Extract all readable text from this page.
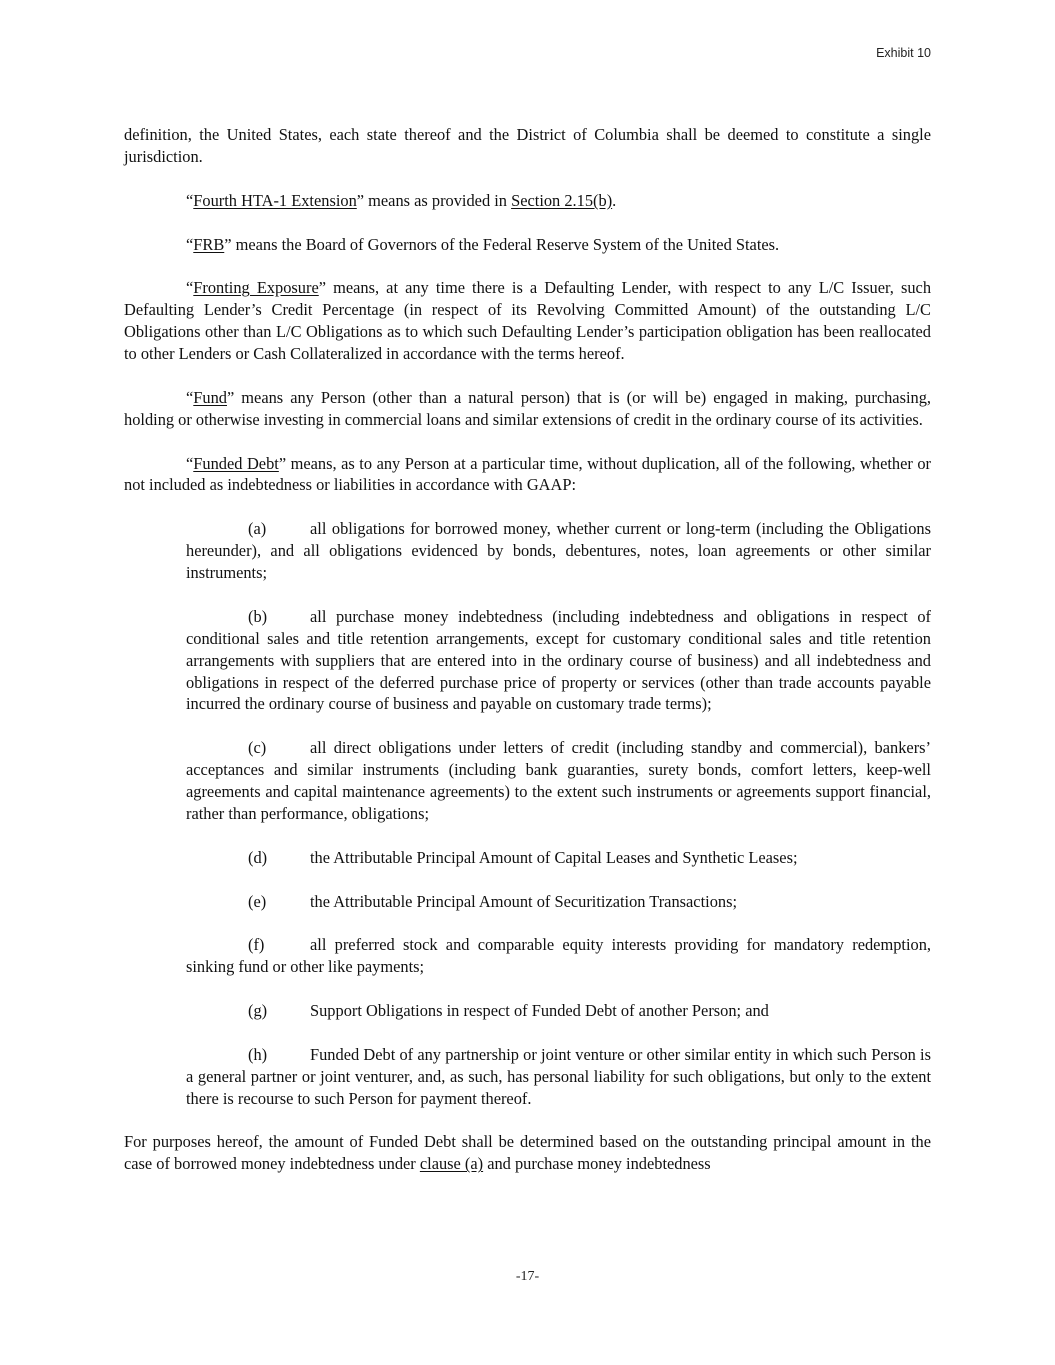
Exhibit 10

definition, the United States, each state thereof and the District of Columbia shall be deemed to constitute a single jurisdiction.

“Fourth HTA-1 Extension” means as provided in Section 2.15(b).

“FRB” means the Board of Governors of the Federal Reserve System of the United States.

“Fronting Exposure” means, at any time there is a Defaulting Lender, with respect to any L/C Issuer, such Defaulting Lender’s Credit Percentage (in respect of its Revolving Committed Amount) of the outstanding L/C Obligations other than L/C Obligations as to which such Defaulting Lender’s participation obligation has been reallocated to other Lenders or Cash Collateralized in accordance with the terms hereof.

“Fund” means any Person (other than a natural person) that is (or will be) engaged in making, purchasing, holding or otherwise investing in commercial loans and similar extensions of credit in the ordinary course of its activities.

“Funded Debt” means, as to any Person at a particular time, without duplication, all of the following, whether or not included as indebtedness or liabilities in accordance with GAAP:

(a)	all obligations for borrowed money, whether current or long-term (including the Obligations hereunder), and all obligations evidenced by bonds, debentures, notes, loan agreements or other similar instruments;

(b)	all purchase money indebtedness (including indebtedness and obligations in respect of conditional sales and title retention arrangements, except for customary conditional sales and title retention arrangements with suppliers that are entered into in the ordinary course of business) and all indebtedness and obligations in respect of the deferred purchase price of property or services (other than trade accounts payable incurred the ordinary course of business and payable on customary trade terms);

(c)	all direct obligations under letters of credit (including standby and commercial), bankers’ acceptances and similar instruments (including bank guaranties, surety bonds, comfort letters, keep-well agreements and capital maintenance agreements) to the extent such instruments or agreements support financial, rather than performance, obligations;

(d)	the Attributable Principal Amount of Capital Leases and Synthetic Leases;

(e)	the Attributable Principal Amount of Securitization Transactions;

(f)	all preferred stock and comparable equity interests providing for mandatory redemption, sinking fund or other like payments;

(g)	Support Obligations in respect of Funded Debt of another Person; and

(h)	Funded Debt of any partnership or joint venture or other similar entity in which such Person is a general partner or joint venturer, and, as such, has personal liability for such obligations, but only to the extent there is recourse to such Person for payment thereof.

For purposes hereof, the amount of Funded Debt shall be determined based on the outstanding principal amount in the case of borrowed money indebtedness under clause (a) and purchase money indebtedness

-17-
